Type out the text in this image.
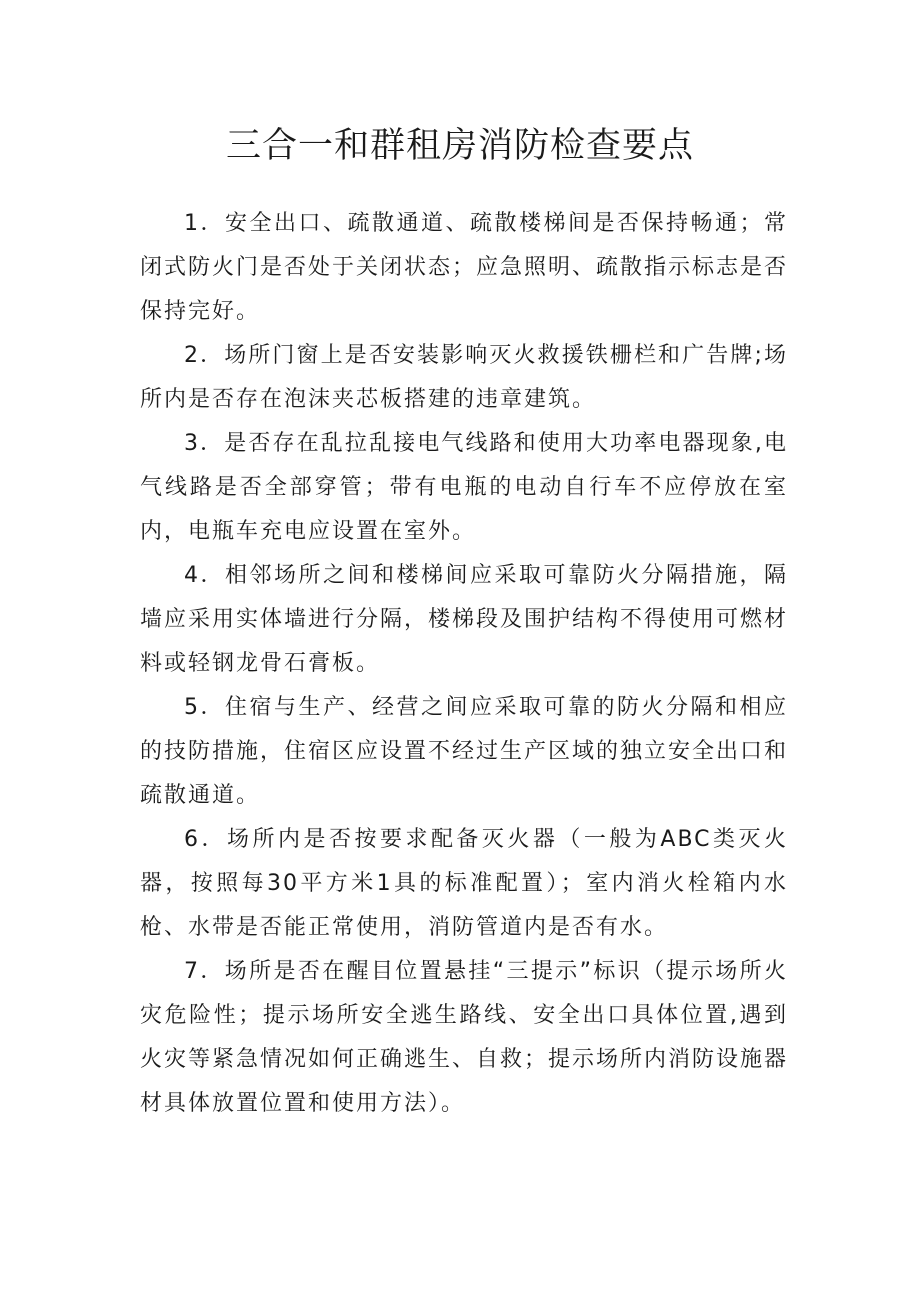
三合一和群租房消防检查要点

1．安全出口、疏散通道、疏散楼梯间是否保持畅通；常闭式防火门是否处于关闭状态；应急照明、疏散指示标志是否保持完好。

2．场所门窗上是否安装影响灭火救援铁栅栏和广告牌;场所内是否存在泡沫夹芯板搭建的违章建筑。

3．是否存在乱拉乱接电气线路和使用大功率电器现象,电气线路是否全部穿管；带有电瓶的电动自行车不应停放在室内，电瓶车充电应设置在室外。

4．相邻场所之间和楼梯间应采取可靠防火分隔措施，隔墙应采用实体墙进行分隔，楼梯段及围护结构不得使用可燃材料或轻钢龙骨石膏板。

5．住宿与生产、经营之间应采取可靠的防火分隔和相应的技防措施，住宿区应设置不经过生产区域的独立安全出口和疏散通道。

6．场所内是否按要求配备灭火器（一般为ABC类灭火器，按照每30平方米1具的标准配置）；室内消火栓箱内水枪、水带是否能正常使用，消防管道内是否有水。

7．场所是否在醒目位置悬挂“三提示”标识（提示场所火灾危险性；提示场所安全逃生路线、安全出口具体位置,遇到火灾等紧急情况如何正确逃生、自救；提示场所内消防设施器材具体放置位置和使用方法）。
